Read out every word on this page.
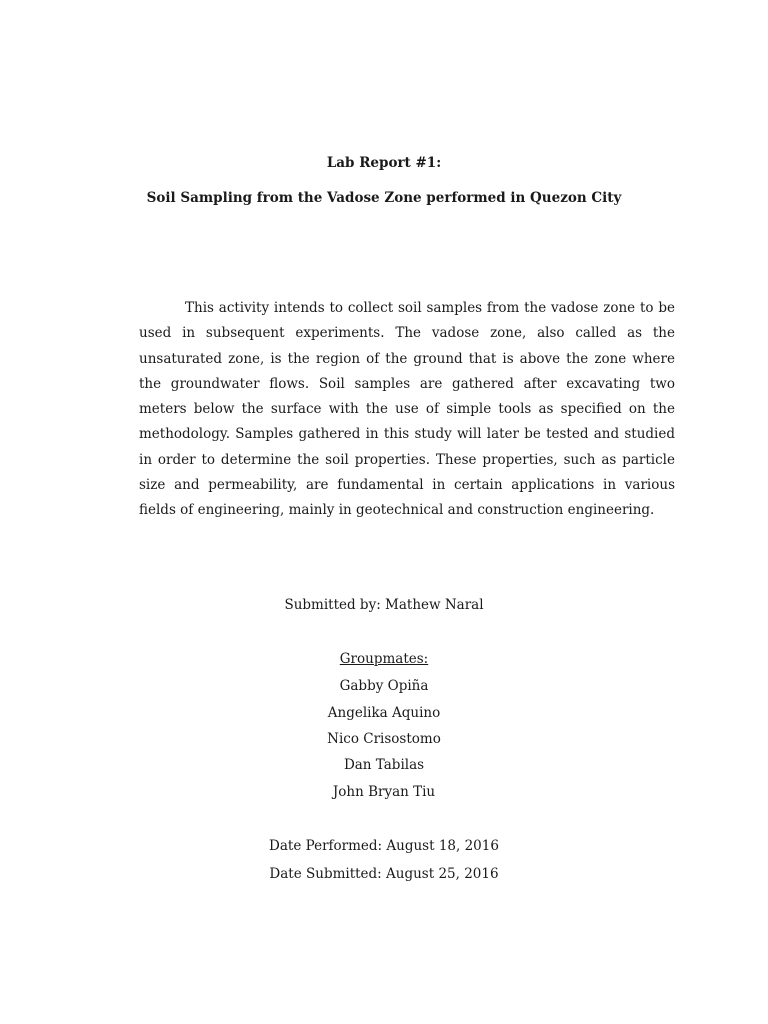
Lab Report #1:
Soil Sampling from the Vadose Zone performed in Quezon City

This activity intends to collect soil samples from the vadose zone to be used in subsequent experiments. The vadose zone, also called as the unsaturated zone, is the region of the ground that is above the zone where the groundwater flows. Soil samples are gathered after excavating two meters below the surface with the use of simple tools as specified on the methodology. Samples gathered in this study will later be tested and studied in order to determine the soil properties. These properties, such as particle size and permeability, are fundamental in certain applications in various fields of engineering, mainly in geotechnical and construction engineering.

Submitted by: Mathew Naral
Groupmates:
Gabby Opiña
Angelika Aquino
Nico Crisostomo
Dan Tabilas
John Bryan Tiu
Date Performed: August 18, 2016
Date Submitted: August 25, 2016
